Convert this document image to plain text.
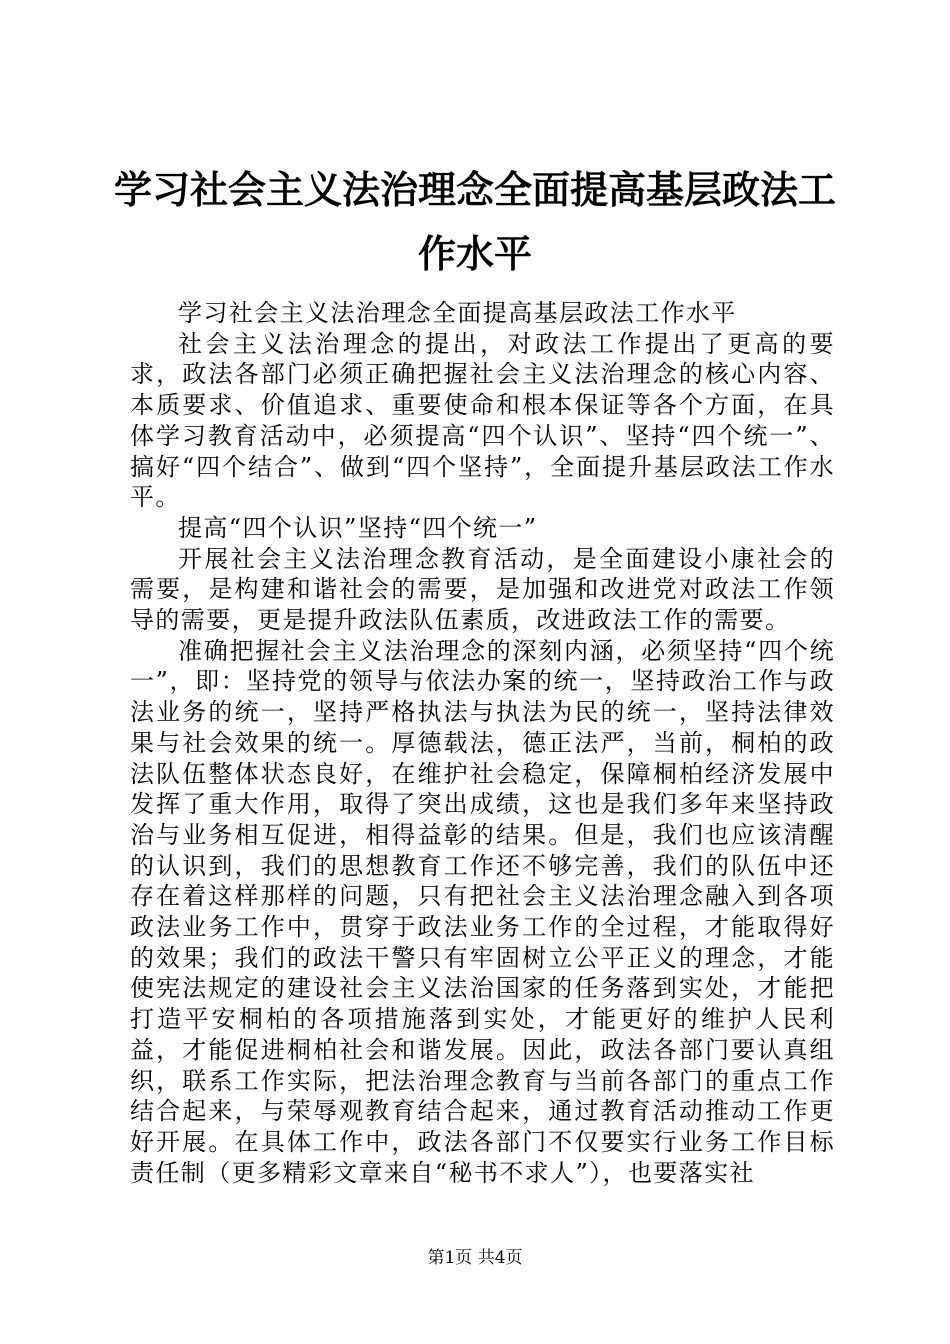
学习社会主义法治理念全面提高基层政法工作水平

学习社会主义法治理念全面提高基层政法工作水平

社会主义法治理念的提出，对政法工作提出了更高的要求，政法各部门必须正确把握社会主义法治理念的核心内容、本质要求、价值追求、重要使命和根本保证等各个方面，在具体学习教育活动中，必须提高“四个认识”、坚持“四个统一”、搞好“四个结合”、做到“四个坚持”，全面提升基层政法工作水平。

提高“四个认识”坚持“四个统一”

开展社会主义法治理念教育活动，是全面建设小康社会的需要，是构建和谐社会的需要，是加强和改进党对政法工作领导的需要，更是提升政法队伍素质，改进政法工作的需要。

准确把握社会主义法治理念的深刻内涵，必须坚持“四个统一”，即：坚持党的领导与依法办案的统一，坚持政治工作与政法业务的统一，坚持严格执法与执法为民的统一，坚持法律效果与社会效果的统一。厚德载法，德正法严，当前，桐柏的政法队伍整体状态良好，在维护社会稳定，保障桐柏经济发展中发挥了重大作用，取得了突出成绩，这也是我们多年来坚持政治与业务相互促进，相得益彰的结果。但是，我们也应该清醒的认识到，我们的思想教育工作还不够完善，我们的队伍中还存在着这样那样的问题，只有把社会主义法治理念融入到各项政法业务工作中，贯穿于政法业务工作的全过程，才能取得好的效果；我们的政法干警只有牢固树立公平正义的理念，才能使宪法规定的建设社会主义法治国家的任务落到实处，才能把打造平安桐柏的各项措施落到实处，才能更好的维护人民利益，才能促进桐柏社会和谐发展。因此，政法各部门要认真组织，联系工作实际，把法治理念教育与当前各部门的重点工作结合起来，与荣辱观教育结合起来，通过教育活动推动工作更好开展。在具体工作中，政法各部门不仅要实行业务工作目标责任制（更多精彩文章来自“秘书不求人”），也要落实社

第1页 共4页
